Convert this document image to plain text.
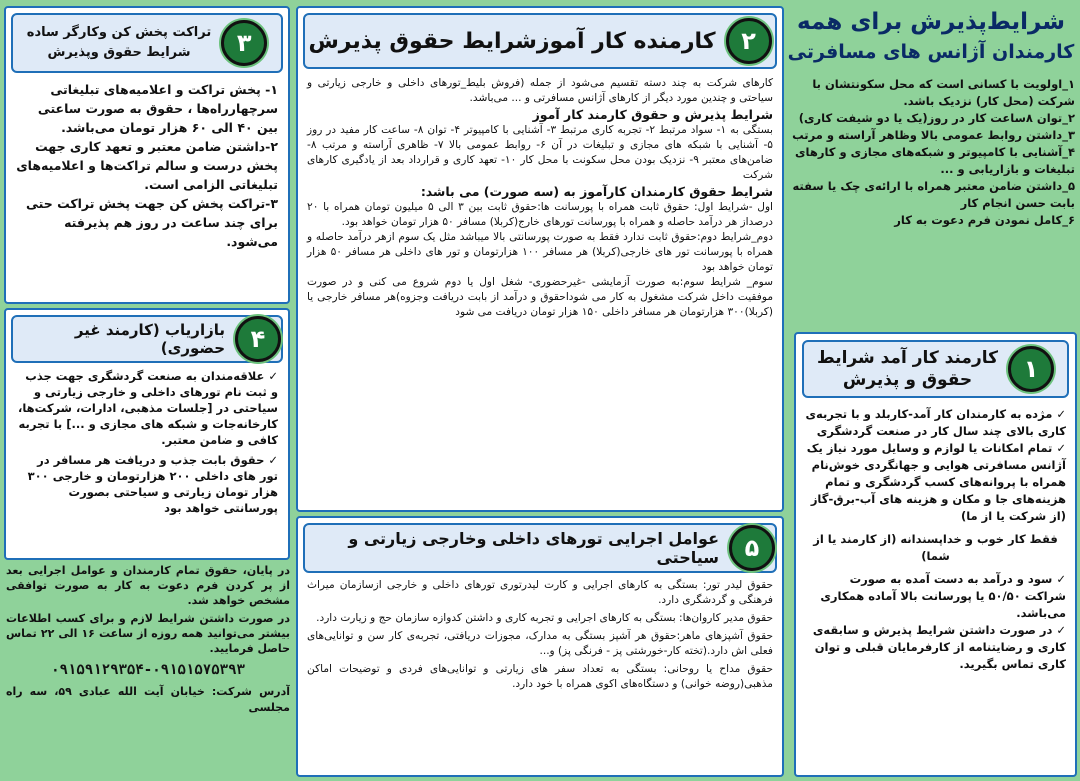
شرایط‌پذیرش برای همه
کارمندان آژانس های مسافرتی
۱_اولویت با کسانی است که محل سکونتشان با شرکت (محل کار) نزدیک باشد.
۲_توان ۸ساعت کار در روز(یک یا دو شیفت کاری)
۳_داشتن روابط عمومی بالا وظاهر آراسته و مرتب
۴_آشنایی با کامپیوتر و شبکه‌های مجازی و کارهای تبلیغات و بازاریابی و ...
۵_داشتن ضامن معتبر همراه با ارائه‌ی چک یا سفته بابت حسن انجام کار
۶_کامل نمودن فرم دعوت به کار
۱
کارمند کار آمد شرایط
حقوق و پذیرش
✓ مژده به کارمندان کار آمد-کاربلد و با تجربه‌ی کاری بالای چند سال کار در صنعت گردشگری
✓ تمام امکانات یا لوازم و وسایل مورد نیاز یک آژانس مسافرتی هوایی و جهانگردی خوش‌نام همراه با پروانه‌های کسب گردشگری و تمام هزینه‌های جا و مکان و هزینه های آب-برق-گاز (از شرکت یا از ما)
فقط کار خوب و خداپسندانه (از کارمند یا از شما)
✓ سود و درآمد به دست آمده به صورت شراکت ۵۰/۵۰ یا پورسانت بالا آماده همکاری می‌باشد.
✓ در صورت داشتن شرایط پذیرش و سابقه‌ی کاری و رضایتنامه از کارفرمایان قبلی و توان کاری تماس بگیرید.
۲
کارمنده کار آموزشرایط حقوق پذیرش
کارهای شرکت به چند دسته تقسیم می‌شود از جمله (فروش بلیط_تورهای داخلی و خارجی زیارتی و سیاحتی و چندین مورد دیگر از کارهای آژانس مسافرتی و ... می‌باشد.
شرایط پذیرش و حقوق کارمند کار آموز
بستگی به ۱- سواد مرتبط ۲- تجربه کاری مرتبط ۳- آشنایی با کامپیوتر ۴- توان ۸- ساعت کار مفید در روز ۵- آشنایی با شبکه های مجازی و تبلیغات در آن ۶- روابط عمومی بالا ۷- ظاهری آراسته و مرتب ۸- ضامن‌های معتبر ۹- نزدیک بودن محل سکونت با محل کار ۱۰- تعهد کاری و قرارداد بعد از یادگیری کارهای شرکت
شرایط حقوق کارمندان کارآموز به (سه صورت) می باشد:
اول -شرایط اول: حقوق ثابت همراه با پورسانت ها:حقوق ثابت بین ۳ الی ۵ میلیون تومان همراه با ۲۰ درصداز هر درآمد حاصله و همراه با پورسانت تورهای خارج(کربلا) مسافر ۵۰ هزار تومان خواهد بود.
دوم_شرایط دوم:حقوق ثابت ندارد فقط به صورت پورسانتی بالا میباشد مثل یک سوم ازهر درآمد حاصله و همراه با پورسانت تور های خارجی(کربلا) هر مسافر ۱۰۰ هزارتومان و تور های داخلی هر مسافر ۵۰ هزار تومان خواهد بود
سوم_ شرایط سوم:به صورت آزمایشی -غیرحضوری- شغل اول یا دوم شروع می کنی و در صورت موفقیت داخل شرکت مشغول به کار می شوداحقوق و درآمد از بابت دریافت وجزوه)هر مسافر خارجی یا (کربلا)۳۰۰ هزارتومان هر مسافر داخلی ۱۵۰ هزار تومان دریافت می شود
۵
عوامل اجرایی تورهای داخلی وخارجی زیارتی و سیاحتی
حقوق لیدر تور: بستگی به کارهای اجرایی و کارت لیدرتوری تورهای داخلی و خارجی ازسازمان میراث فرهنگی و گردشگری دارد.
حقوق مدیر کاروان‌ها: بستگی به کارهای اجرایی و تجربه کاری و داشتن کدوازه سازمان حج و زیارت دارد.
حقوق آشپزهای ماهر:حقوق هر آشپز بستگی به مدارک، مجوزات دریافتی، تجربه‌ی کار سن و توانایی‌های فعلی اش دارد.(تخته کار-خورشتی پز - فرنگی پز) و...
حقوق مداح یا روحانی: بستگی به تعداد سفر های زیارتی و توانایی‌های فردی و توضیحات اماکن مذهبی(روضه خوانی) و دستگاه‌های اکوی همراه با خود دارد.
۳
تراکت پخش کن وکارگر ساده
شرایط حقوق وپذیرش
۱- پخش تراکت و اعلامیه‌های تبلیغاتی سرچهارراه‌ها ، حقوق به صورت ساعتی بین ۴۰ الی ۶۰ هزار تومان می‌باشد.
۲-داشتن ضامن معتبر و تعهد کاری جهت پخش درست و سالم تراکت‌ها و اعلامیه‌های تبلیغاتی الزامی است.
۳-تراکت پخش کن جهت پخش تراکت حتی برای چند ساعت در روز هم پذیرفته می‌شود.
۴
بازاریاب (کارمند غیر حضوری)
✓ علاقه‌مندان به صنعت گردشگری جهت جذب و ثبت نام تورهای داخلی و خارجی زیارتی و سیاحتی در [جلسات مذهبی، ادارات، شرکت‌ها، کارخانه‌جات و شبکه های مجازی و ...] با تجربه کافی و ضامن معتبر.
✓ حقوق بابت جذب و دریافت هر مسافر در تور های داخلی ۲۰۰ هزارتومان و خارجی ۳۰۰ هزار تومان زیارتی و سیاحتی بصورت پورسانتی خواهد بود
در پایان، حقوق تمام کارمندان و عوامل اجرایی بعد از پر کردن فرم دعوت به کار به صورت توافقی مشخص خواهد شد.
در صورت داشتن شرایط لازم و برای کسب اطلاعات بیشتر می‌توانید همه روزه از ساعت ۱۶ الی ۲۲ تماس حاصل فرمایید.
۰۹۱۵۹۱۲۹۳۵۴-۰۹۱۵۱۵۷۵۳۹۳
آدرس شرکت: خیابان آیت الله عبادی ۵۹، سه راه مجلسی
